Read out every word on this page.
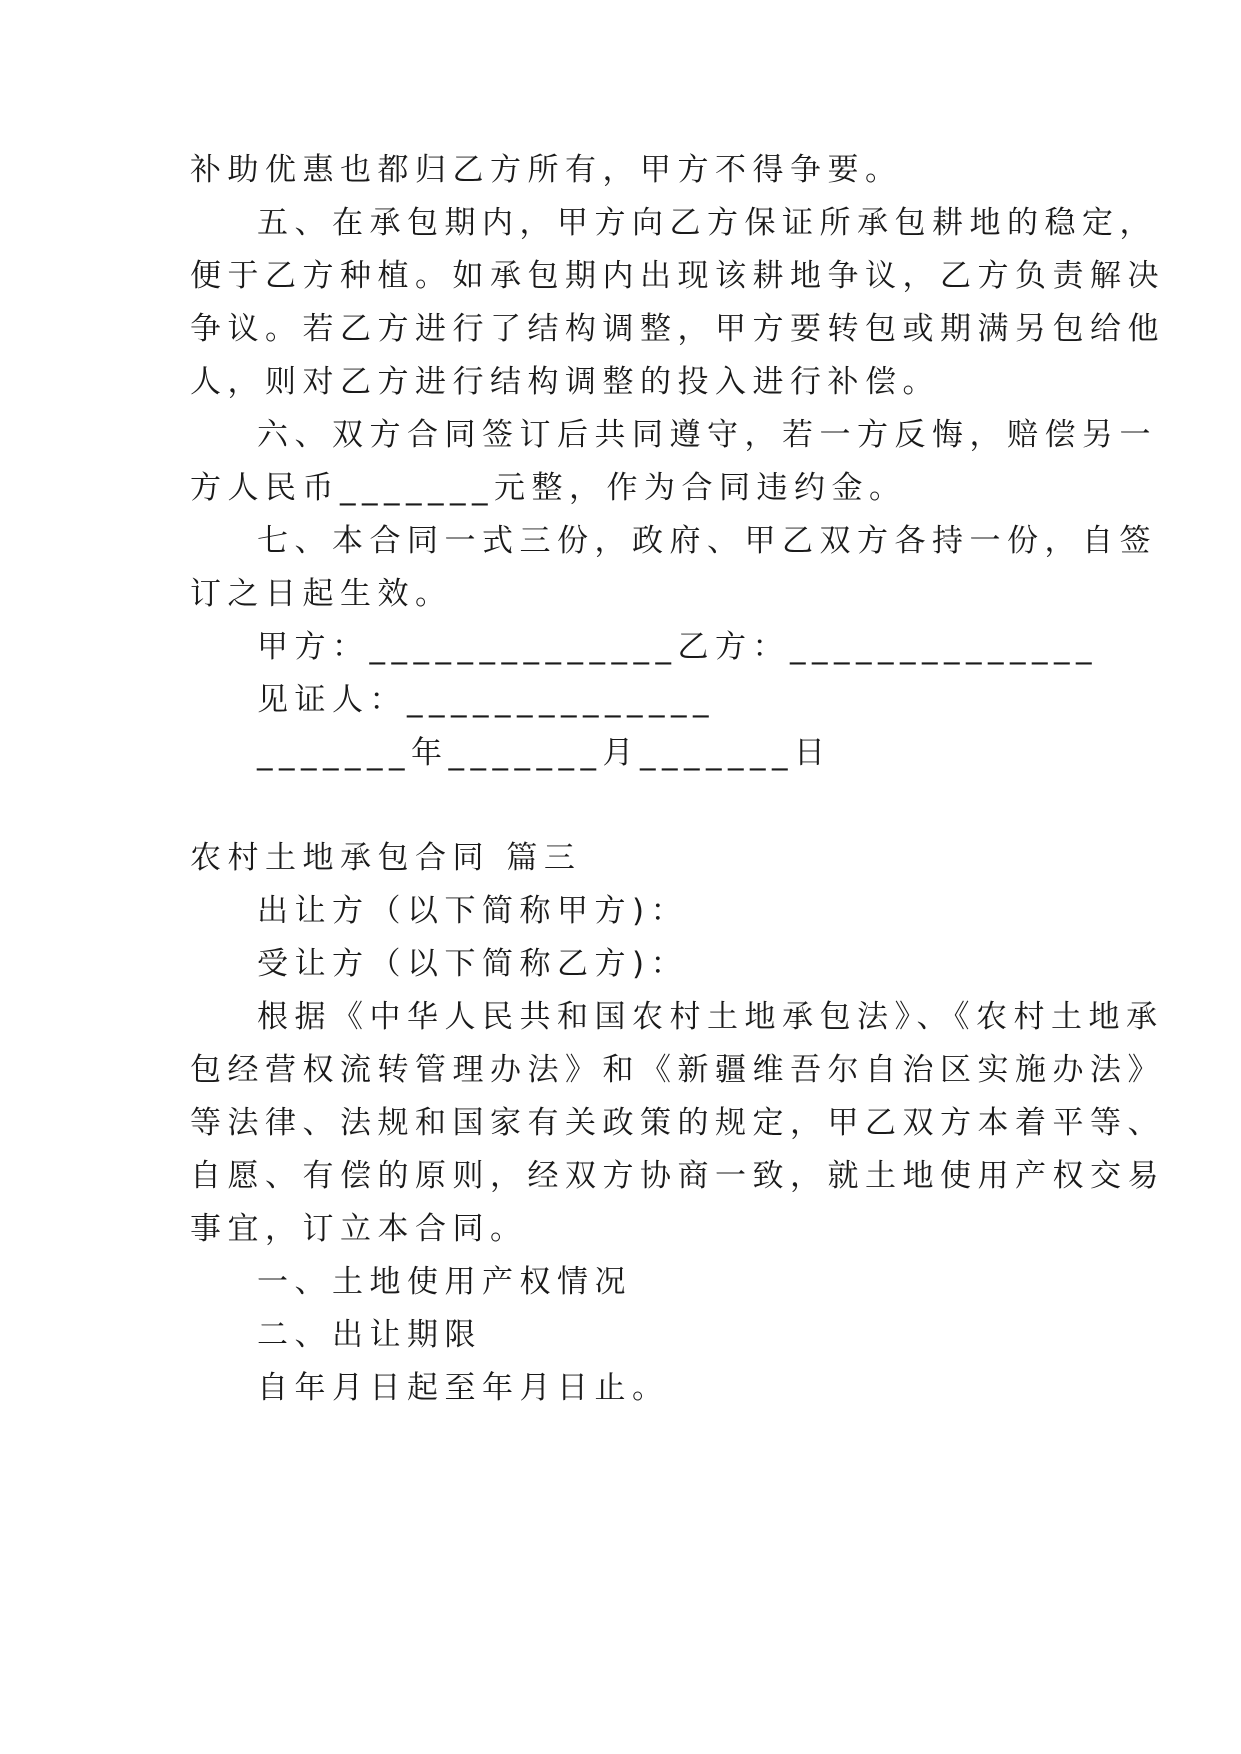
补助优惠也都归乙方所有，甲方不得争要。
五、在承包期内，甲方向乙方保证所承包耕地的稳定，
便于乙方种植。如承包期内出现该耕地争议，乙方负责解决
争议。若乙方进行了结构调整，甲方要转包或期满另包给他
人，则对乙方进行结构调整的投入进行补偿。
六、双方合同签订后共同遵守，若一方反悔，赔偿另一
方人民币_______元整，作为合同违约金。
七、本合同一式三份，政府、甲乙双方各持一份，自签
订之日起生效。
甲方：______________乙方：______________
见证人：______________
_______年_______月_______日
农村土地承包合同 篇三
出让方（以下简称甲方)：
受让方（以下简称乙方)：
根据《中华人民共和国农村土地承包法》、《农村土地承
包经营权流转管理办法》和《新疆维吾尔自治区实施办法》
等法律、法规和国家有关政策的规定，甲乙双方本着平等、
自愿、有偿的原则，经双方协商一致，就土地使用产权交易
事宜，订立本合同。
一、土地使用产权情况
二、出让期限
自年月日起至年月日止。
